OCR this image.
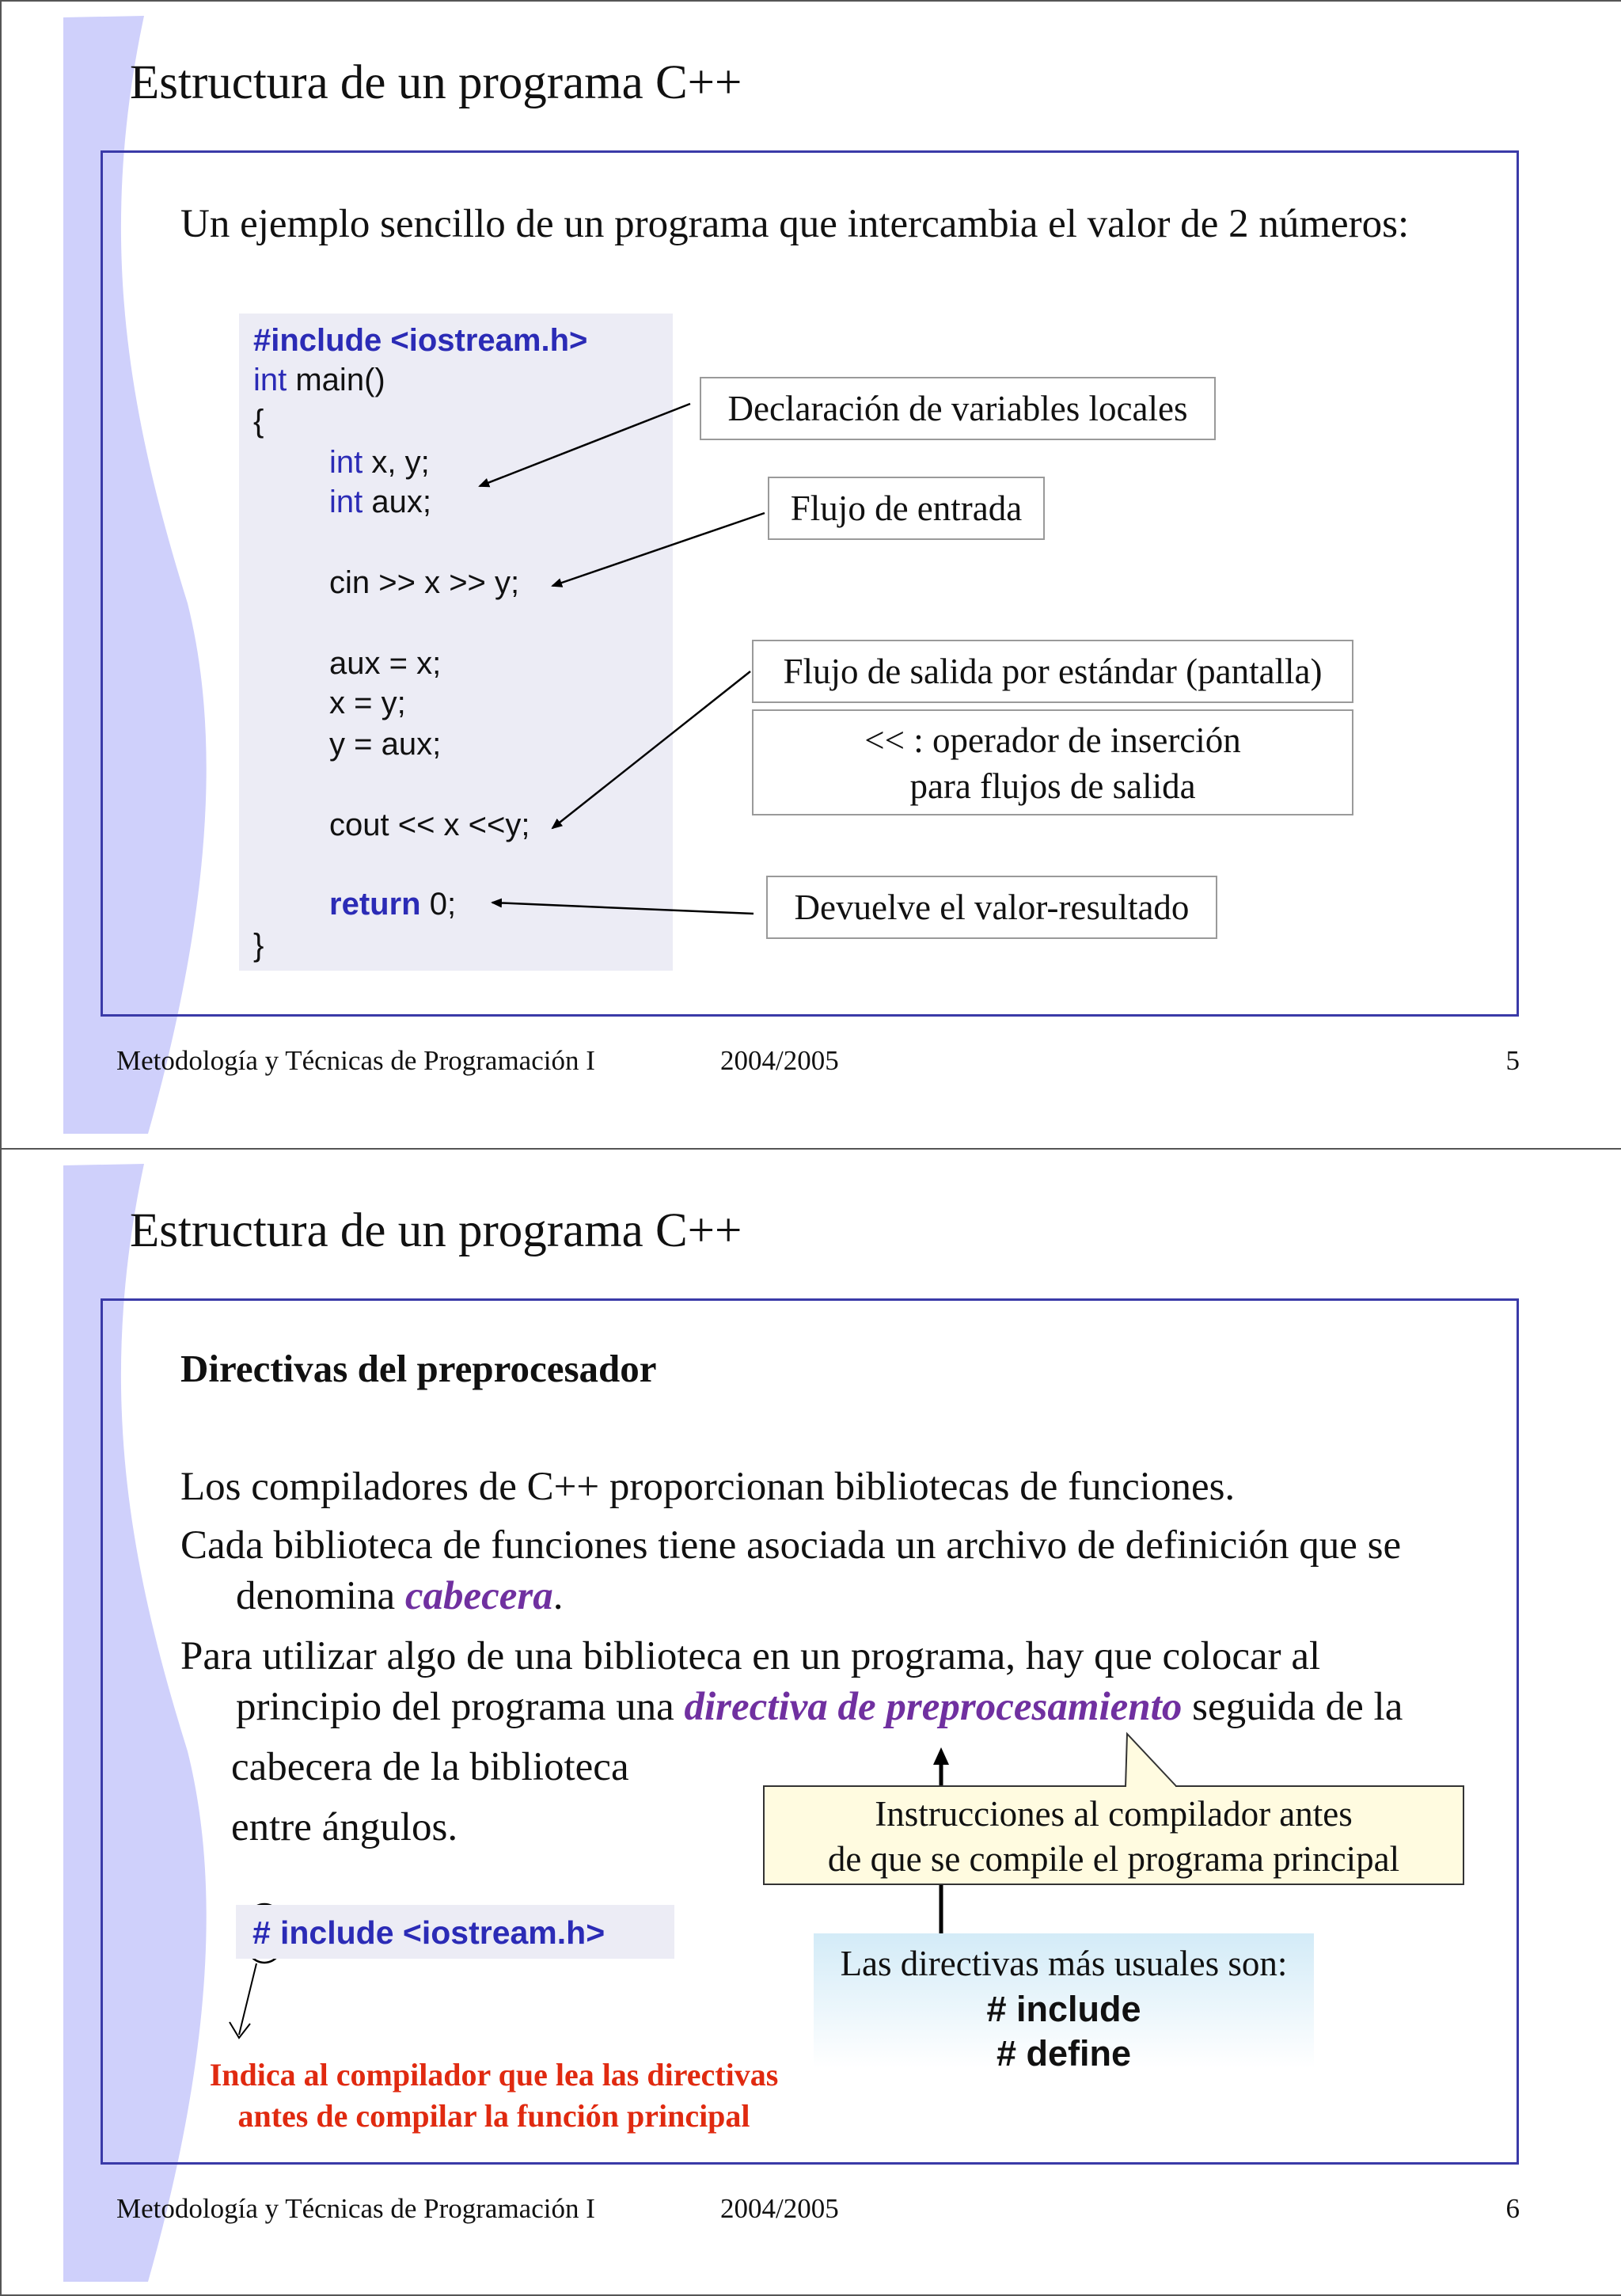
Estructura de un programa C++
Un ejemplo sencillo de un programa que intercambia el valor de 2 números:
#include <iostream.h>
int main()
{
int x, y;
int aux;
cin >> x >> y;
aux = x;
x = y;
y = aux;
cout << x <<y;
return 0;
}
Declaración de variables locales
Flujo de entrada
Flujo de salida por estándar (pantalla)
<< : operador de inserción
para flujos de salida
Devuelve el valor-resultado
Metodología y Técnicas de Programación I	2004/2005	5
Estructura de un programa C++
Directivas del preprocesador
Los compiladores de C++ proporcionan bibliotecas de funciones.
Cada biblioteca de funciones tiene asociada un archivo de definición que se
denomina cabecera.
Para utilizar algo de una biblioteca en un programa, hay que colocar al
principio del programa una directiva de preprocesamiento seguida de la
cabecera de la biblioteca
entre ángulos.	Instrucciones al compilador antes
de que se compile el programa principal
Las directivas más usuales son:
# include
# define
# include <iostream.h>
Indica al compilador que lea las directivas
antes de compilar la función principal
Metodología y Técnicas de Programación I	2004/2005	6
